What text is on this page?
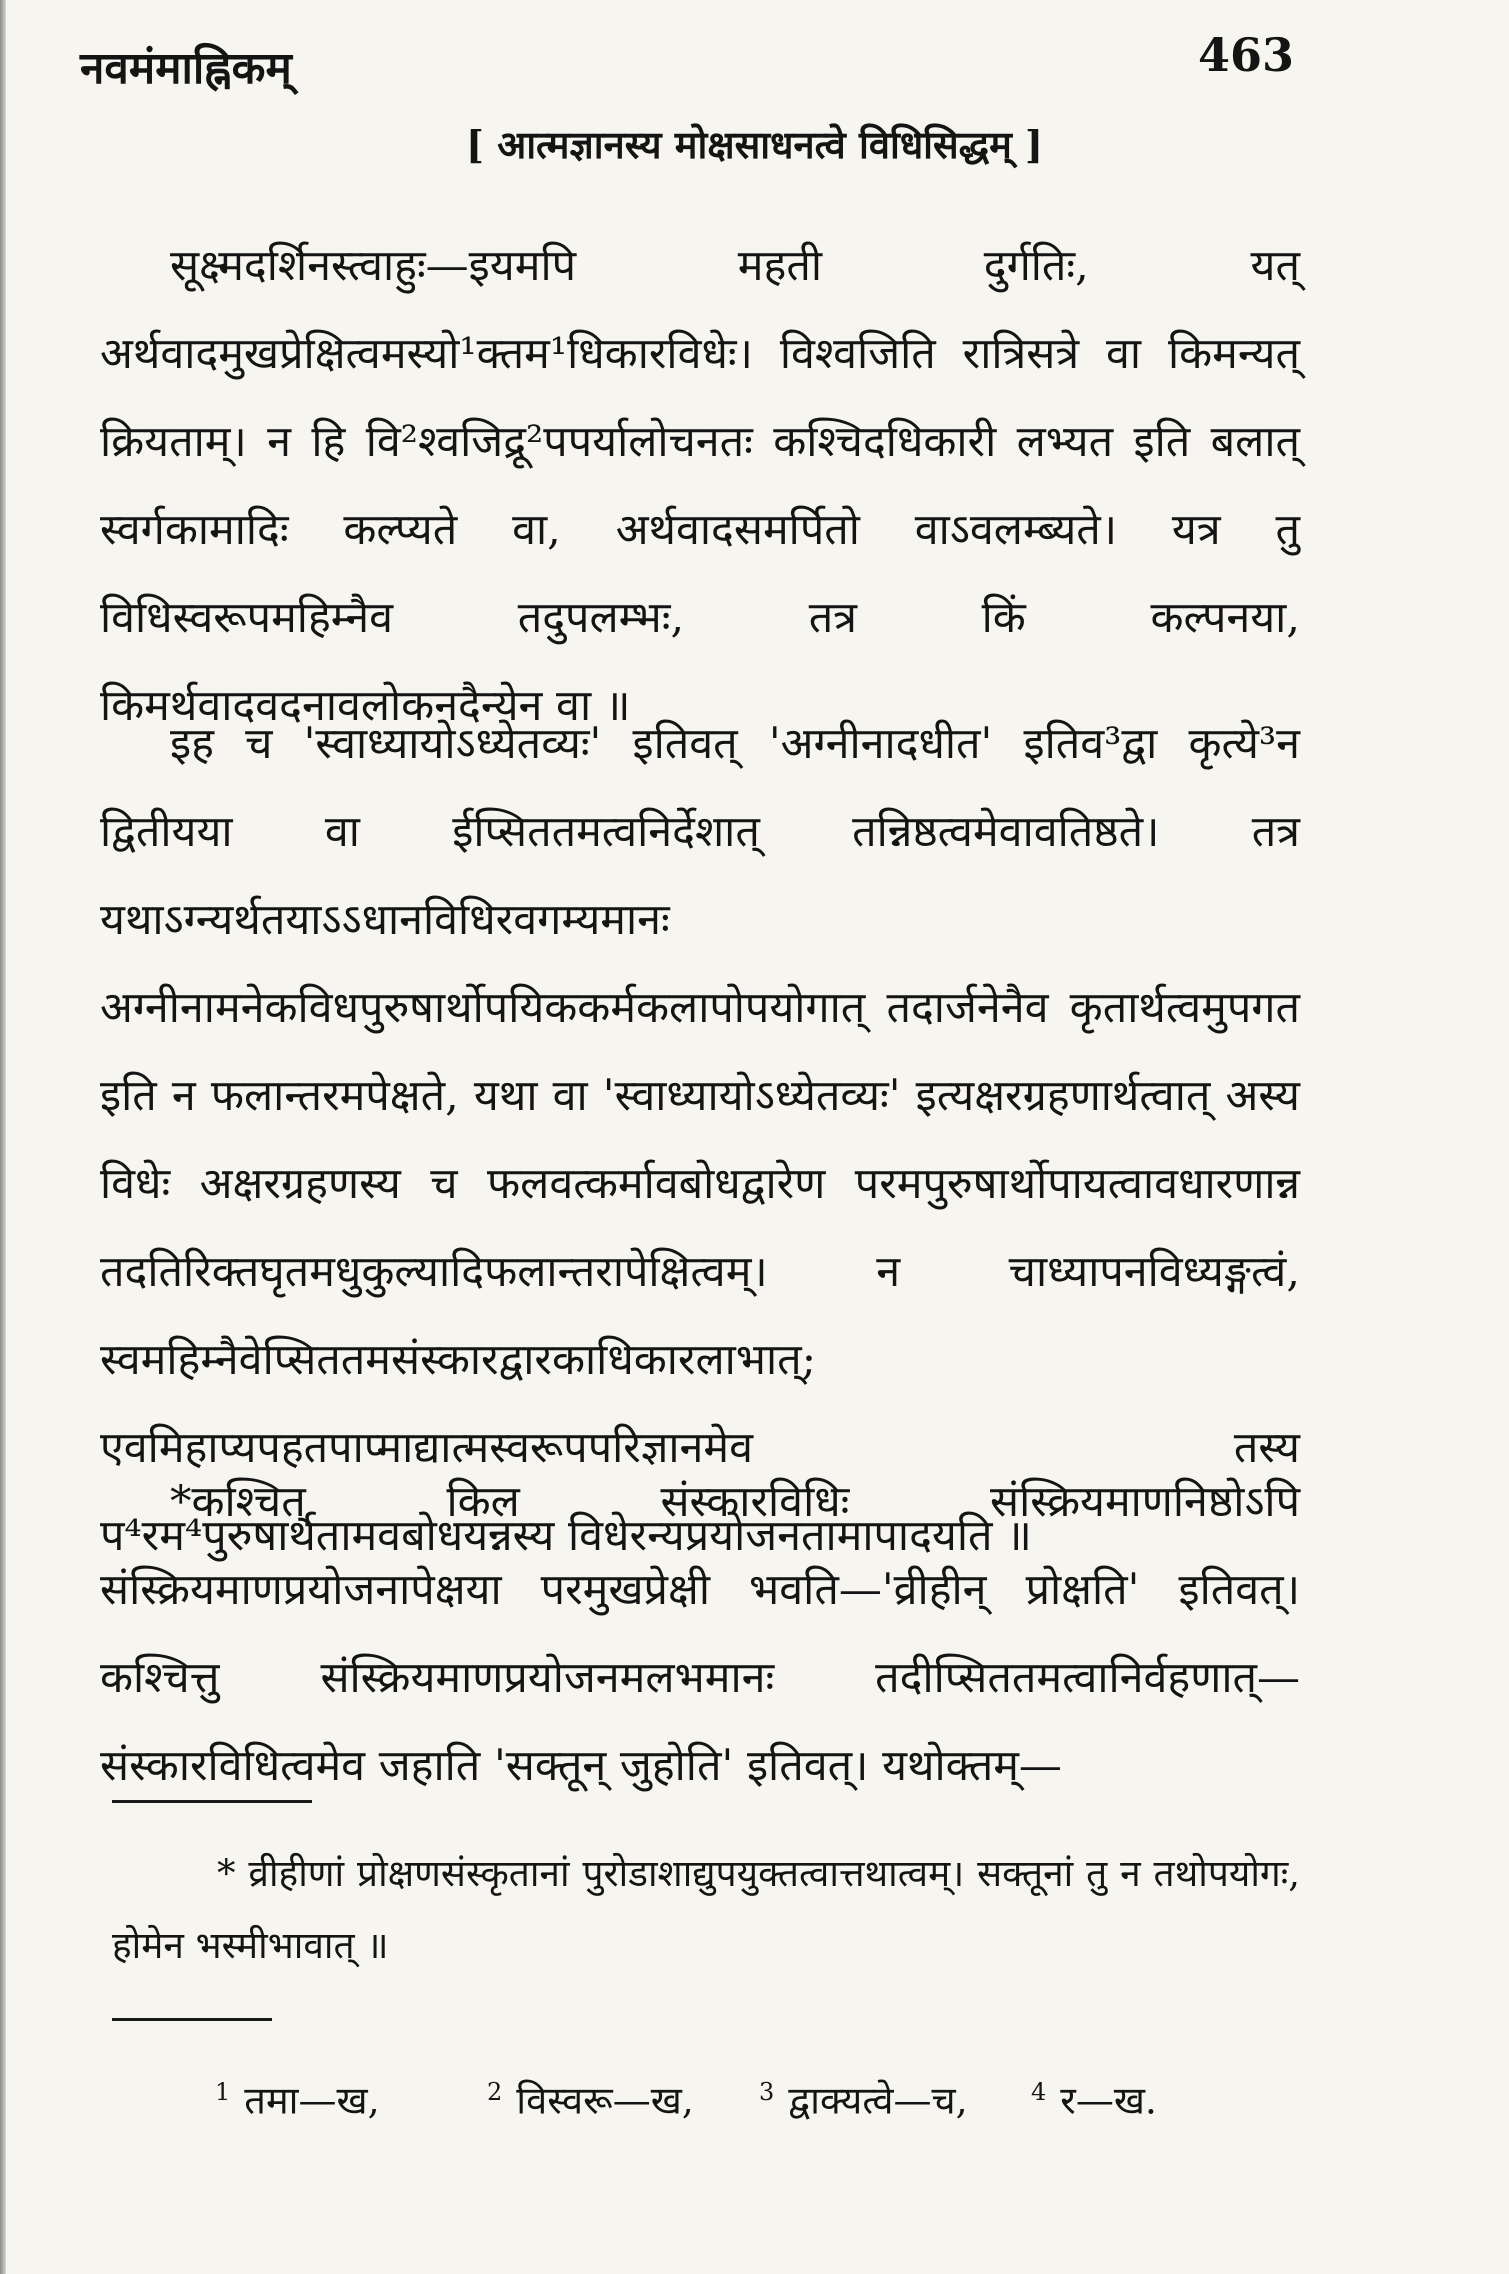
नवमंमाह्निकम्	463
[ आत्मज्ञानस्य मोक्षसाधनत्वे विधिसिद्धम् ]

सूक्ष्मदर्शिनस्त्वाहुः—इयमपि महती दुर्गतिः, यत् अर्थवादमुखप्रेक्षित्वमस्यो¹क्तम¹धिकारविधेः। विश्वजिति रात्रिसत्रे वा किमन्यत् क्रियताम्। न हि वि²श्वजिद्रू²पपर्यालोचनतः कश्चिदधिकारी लभ्यत इति बलात् स्वर्गकामादिः कल्प्यते वा, अर्थवादसमर्पितो वाऽवलम्ब्यते। यत्र तु विधिस्वरूपमहिम्नैव तदुपलम्भः, तत्र किं कल्पनया, किमर्थवादवदनावलोकनदैन्येन वा ॥

इह च 'स्वाध्यायोऽध्येतव्यः' इतिवत् 'अग्नीनादधीत' इतिव³द्वा कृत्ये³न द्वितीयया वा ईप्सिततमत्वनिर्देशात् तन्निष्ठत्वमेवावतिष्ठते। तत्र यथाऽग्न्यर्थतयाऽऽधानविधिरवगम्यमानः अग्नीनामनेकविधपुरुषार्थोपयिककर्मकलापोपयोगात् तदार्जनेनैव कृतार्थत्वमुपगत इति न फलान्तरमपेक्षते, यथा वा 'स्वाध्यायोऽध्येतव्यः' इत्यक्षरग्रहणार्थत्वात् अस्य विधेः अक्षरग्रहणस्य च फलवत्कर्मावबोधद्वारेण परमपुरुषार्थोपायत्वावधारणान्न तदतिरिक्तघृतमधुकुल्यादिफलान्तरापेक्षित्वम्। न चाध्यापनविध्यङ्गत्वं, स्वमहिम्नैवेप्सिततमसंस्कारद्वारकाधिकारलाभात्; एवमिहाप्यपहतपाप्माद्यात्मस्वरूपपरिज्ञानमेव तस्य प⁴रम⁴पुरुषार्थतामवबोधयन्नस्य विधेरन्यप्रयोजनतामापादयति ॥

*कश्चित् किल संस्कारविधिः संस्क्रियमाणनिष्ठोऽपि संस्क्रियमाणप्रयोजनापेक्षया परमुखप्रेक्षी भवति—'व्रीहीन् प्रोक्षति' इतिवत्। कश्चित्तु संस्क्रियमाणप्रयोजनमलभमानः तदीप्सिततमत्वानिर्वहणात्—संस्कारविधित्वमेव जहाति 'सक्तून् जुहोति' इतिवत्। यथोक्तम्—

* व्रीहीणां प्रोक्षणसंस्कृतानां पुरोडाशाद्युपयुक्तत्वात्तथात्वम्। सक्तूनां तु न तथोपयोगः, होमेन भस्मीभावात् ॥

$^1$ तमा—ख,	$^2$ विस्वरू—ख,	$^3$ द्वाक्यत्वे—च,	$^4$ र—ख.
